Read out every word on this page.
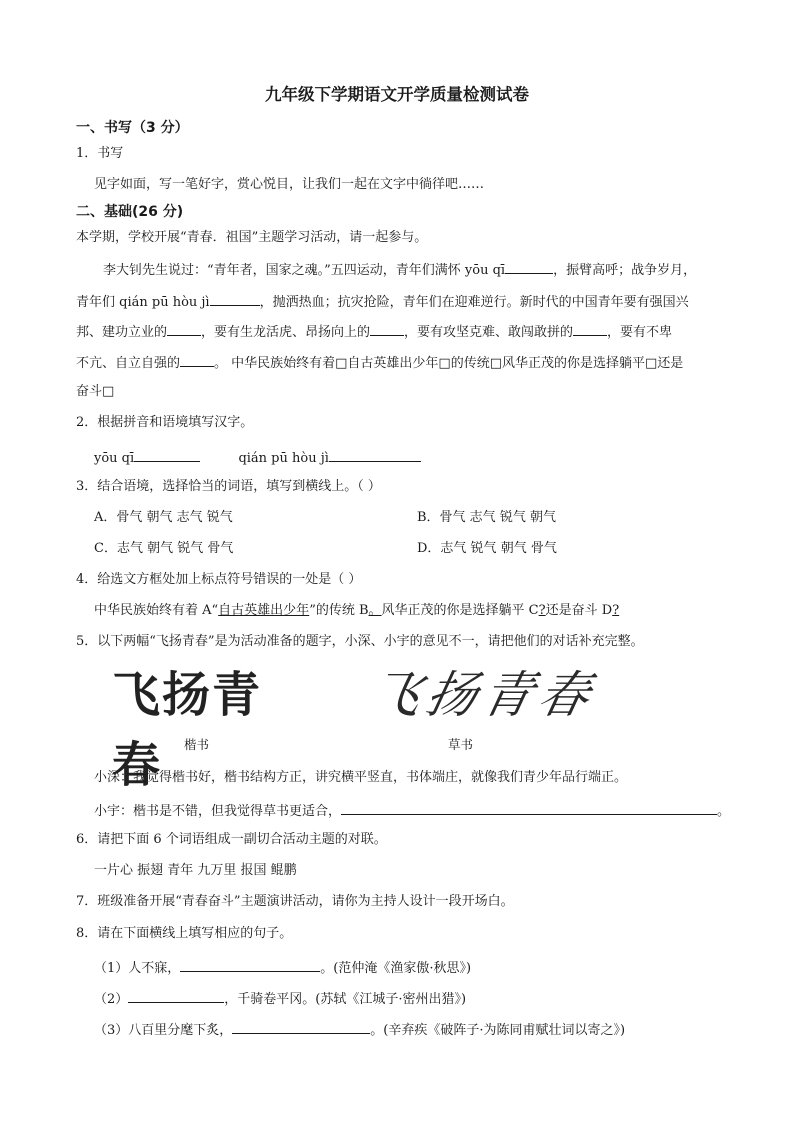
九年级下学期语文开学质量检测试卷
一、书写（3 分）
1．书写
见字如面，写一笔好字，赏心悦目，让我们一起在文字中徜徉吧……
二、基础(26 分)
本学期，学校开展“青春．祖国”主题学习活动，请一起参与。
李大钊先生说过：“青年者，国家之魂。”五四运动，青年们满怀 yōu qī	，振臂高呼；战争岁月，
青年们 qián pū hòu jì	，抛洒热血；抗灾抢险，青年们在迎难逆行。新时代的中国青年要有强国兴
邦、建功立业的	，要有生龙活虎、昂扬向上的	，要有攻坚克难、敢闯敢拼的	，要有不卑
不亢、自立自强的	。 中华民族始终有着□自古英雄出少年□的传统□风华正茂的你是选择躺平□还是
奋斗□
2．根据拼音和语境填写汉字。
yōu qī	qián pū hòu jì
3．结合语境，选择恰当的词语，填写到横线上。（ ）
A．骨气 朝气 志气 锐气	B．骨气 志气 锐气 朝气
C．志气 朝气 锐气 骨气	D．志气 锐气 朝气 骨气
4．给选文方框处加上标点符号错误的一处是（ ）
中华民族始终有着 A“自古英雄出少年”的传统 B。风华正茂的你是选择躺平 C?还是奋斗 D?
5．以下两幅“飞扬青春”是为活动准备的题字，小深、小宇的意见不一，请把他们的对话补充完整。
飞扬青春
飞扬青春
楷书	草书
小深：我觉得楷书好，楷书结构方正，讲究横平竖直，书体端庄，就像我们青少年品行端正。
小宇：楷书是不错，但我觉得草书更适合，	。
6．请把下面 6 个词语组成一副切合活动主题的对联。
一片心 振翅 青年 九万里 报国 鲲鹏
7．班级准备开展“青春奋斗”主题演讲活动，请你为主持人设计一段开场白。
8．请在下面横线上填写相应的句子。
（1）人不寐，	。(范仲淹《渔家傲·秋思》)
（2）	，千骑卷平冈。(苏轼《江城子·密州出猎》)
（3）八百里分麾下炙，	。(辛弃疾《破阵子·为陈同甫赋壮词以寄之》)
